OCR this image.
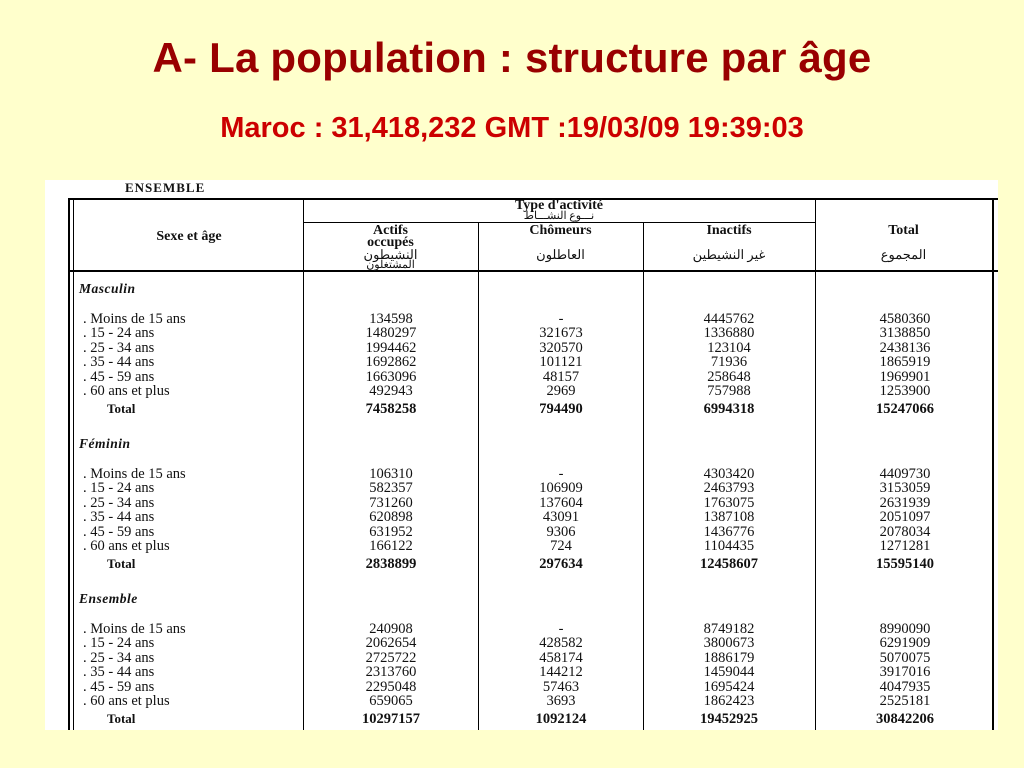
A- La population : structure par âge
Maroc : 31,418,232 GMT :19/03/09 19:39:03
ENSEMBLE
Sexe et âge
Type d'activité
نـــوع النشـــاط
Actifs
occupés
النشيطون
المشتغلون
Chômeurs
العاطلون
Inactifs
غير النشيطين
Total
المجموع
Masculin
Féminin
Ensemble
. Moins de 15 ans	134598	-	4445762	4580360
. 15 - 24 ans	1480297	321673	1336880	3138850
. 25 - 34 ans	1994462	320570	123104	2438136
. 35 - 44 ans	1692862	101121	71936	1865919
. 45 - 59 ans	1663096	48157	258648	1969901
. 60 ans et plus	492943	2969	757988	1253900
Total	7458258	794490	6994318	15247066
. Moins de 15 ans	106310	-	4303420	4409730
. 15 - 24 ans	582357	106909	2463793	3153059
. 25 - 34 ans	731260	137604	1763075	2631939
. 35 - 44 ans	620898	43091	1387108	2051097
. 45 - 59 ans	631952	9306	1436776	2078034
. 60 ans et plus	166122	724	1104435	1271281
Total	2838899	297634	12458607	15595140
. Moins de 15 ans	240908	-	8749182	8990090
. 15 - 24 ans	2062654	428582	3800673	6291909
. 25 - 34 ans	2725722	458174	1886179	5070075
. 35 - 44 ans	2313760	144212	1459044	3917016
. 45 - 59 ans	2295048	57463	1695424	4047935
. 60 ans et plus	659065	3693	1862423	2525181
Total	10297157	1092124	19452925	30842206
